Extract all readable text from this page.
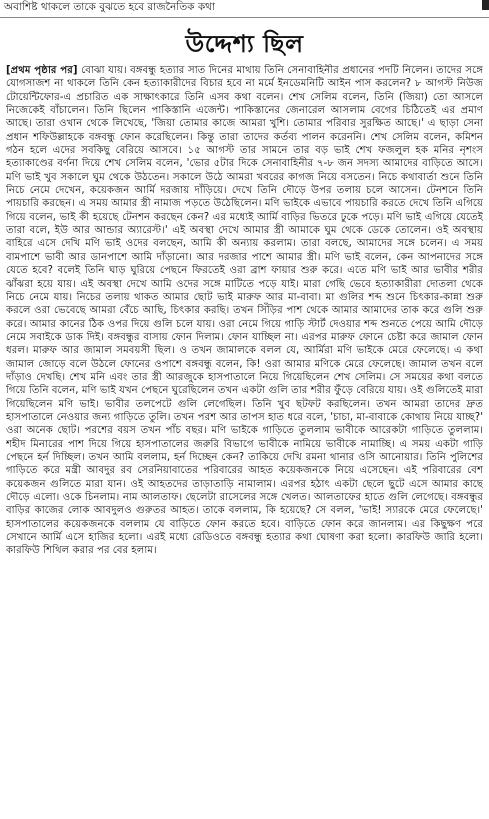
অবাশিষ্ট থাকলে তাকে বুঝতে হবে রাজনৈতিক কথা
উদ্দেশ্য ছিল
[প্রথম পৃষ্ঠার পর] বোঝা যায়। বঙ্গবন্ধু হত্যার সাত দিনের মাথায় তিনি সেনাবাহিনীর প্রধানের পদটি নিলেন। তাদের সঙ্গে যোগসাজশ না থাকলে তিনি কেন হত্যাকারীদের বিচার হবে না মর্মে ইনডেমনিটি আইন পাস করলেন? ৮ আগস্ট নিউজ টোয়েন্টিফোর-এ প্রচারিত এক সাক্ষাৎকারে তিনি এসব কথা বলেন। শেখ সেলিম বলেন, তিনি (জিয়া) তো আসলে নিজেকেই বাঁচালেন। তিনি ছিলেন পাকিস্তানি এজেন্ট। পাকিস্তানের জেনারেল আসলাম বেগের চিঠিতেই এর প্রমাণ আছে। তারা ওখান থেকে লিখেছে, 'জিয়া তোমার কাজে আমরা খুশি। তোমার পরিবার সুরক্ষিত আছে।' এ ছাড়া সেনা প্রধান শফিউল্লাহকে বঙ্গবন্ধু ফোন করেছিলেন। কিন্তু তারা তাদের কর্তব্য পালন করেননি। শেখ সেলিম বলেন, কমিশন গঠন হলে এদের সবকিছু বেরিয়ে আসবে। ১৫ আগস্ট তার সামনে তার বড় ভাই শেখ ফজলুল হক মনির নৃশংস হত্যাকাণ্ডের বর্ণনা দিয়ে শেখ সেলিম বলেন, 'ভোর ৫টার দিকে সেনাবাহিনীর ৭-৮ জন সদস্য আমাদের বাড়িতে আসে। মণি ভাই খুব সকালে ঘুম থেকে উঠতেন। সকালে উঠে আমরা খবরের কাগজ নিয়ে বসতেন। নিচে কথাবার্তা শুনে তিনি নিচে নেমে দেখেন, কয়েকজন আর্মি দরজায় দাঁড়িয়ে। দেখে তিনি দৌড়ে উপর তলায় চলে আসেন। টেনশনে তিনি পায়চারি করছেন। এ সময় আমার স্ত্রী নামাজ পড়তে উঠেছিলেন। মণি ভাইকে এভাবে পায়চারি করতে দেখে তিনি এগিয়ে গিয়ে বলেন, ভাই কী হয়েছে টেনশন করছেন কেন? এর মধ্যেই আর্মি বাড়ির ভিতরে ঢুকে পড়ে। মণি ভাই এগিয়ে যেতেই তারা বলে, ইউ আর আন্ডার অ্যারেস্ট।' এই অবস্থা দেখে আমার স্ত্রী আমাকে ঘুম থেকে ডেকে তোলেন। ওই অবস্থায় বাহিরে এসে দেখি মণি ভাই ওদের বলছেন, আমি কী অন্যায় করলাম। তারা বলছে, আমাদের সঙ্গে চলেন। এ সময় বামপাশে ভাবী আর ডানপাশে আমি দাঁড়ানো। আর দরজার পাশে আমার স্ত্রী। মণি ভাই বলেন, কেন আপনাদের সঙ্গে যেতে হবে? বলেই তিনি ঘাড় ঘুরিয়ে পেছনে ফিরতেই ওরা ব্রাশ ফায়ার শুরু করে। এতে মণি ভাই আর ভাবীর শরীর ঝাঁঝরা হয়ে যায়। এই অবস্থা দেখে আমি ওদের সঙ্গে মাটিতে পড়ে যাই। মারা গেছি ভেবে হত্যাকারীরা দোতলা থেকে নিচে নেমে যায়। নিচের তলায় থাকত আমার ছোট ভাই মারুফ আর মা-বাবা। মা গুলির শব্দ শুনে চিৎকার-কান্না শুরু করলে ওরা ভেবেছে আমরা বেঁচে আছি, চিৎকার করছি। তখন সিঁড়ির পাশ থেকে আমার আমাদের তাক করে গুলি শুরু করে। আমার কানের ঠিক ওপর দিয়ে গুলি চলে যায়। ওরা নেমে গিয়ে গাড়ি স্টার্ট দেওয়ার শব্দ শুনতে পেয়ে আমি দৌড়ে নেমে সবাইকে ডাক দিই। বঙ্গবন্ধুর বাসায় ফোন দিলাম। ফোন যাচ্ছিল না। এরপর মারুফ ফোনে চেষ্টা করে জামাল ফোন ধরল। মারুফ আর জামাল সমবয়সী ছিল। ও তখন জামালকে বলল যে, আর্মিরা মণি ভাইকে মেরে ফেলেছে। এ কথা জামাল জোড়ে বলে উঠলে ফোনের ওপাশে বঙ্গবন্ধু বলেন, কি! ওরা আমার মণিকে মেরে ফেলেছে। জামাল তখন বলে দাঁড়াও দেখছি। শেখ মনি এবং তার স্ত্রী আরজুকে হাসপাতালে নিয়ে গিয়েছিলেন শেখ সেলিম। সে সময়ের কথা বলতে গিয়ে তিনি বলেন, মণি ভাই যখন পেছনে ঘুরেছিলেন তখন একটা গুলি তার শরীর ফুঁড়ে বেরিয়ে যায়। ওই গুলিতেই মারা গিয়েছিলেন মণি ভাই। ভাবীর তলপেটে গুলি লেগেছিল। তিনি খুব ছটফট করছিলেন। তখন আমরা তাদের দ্রুত হাসপাতালে নেওয়ার জন্য গাড়িতে তুলি। তখন পরশ আর তাপস হাত ধরে বলে, 'চাচা, মা-বাবাকে কোথায় নিয়ে যাচ্ছ?' ওরা অনেক ছোট। পরশের বয়স তখন পাঁচ বছর। মণি ভাইকে গাড়িতে তুললাম ভাবীকে আরেকটা গাড়িতে তুললাম। শহীদ মিনারের পাশ দিয়ে গিয়ে হাসপাতালের জরুরি বিভাগে ভাবীকে নামিয়ে ভাবীকে নামাচ্ছি। এ সময় একটা গাড়ি পেছনে হর্ন দিচ্ছিল। তখন আমি বললাম, হর্ন দিচ্ছেন কেন? তাকিয়ে দেখি রমনা থানার ওসি আনোয়ার। তিনি পুলিশের গাড়িতে করে মন্ত্রী আবদুর রব সেরনিয়াবাতের পরিবারের আহত কয়েকজনকে নিয়ে এসেছেন। এই পরিবারের বেশ কয়েকজন গুলিতে মারা যান। ওই আহতদের তাড়াতাড়ি নামালাম। এরপর হঠাৎ একটা ছেলে ছুটে এসে আমার কাছে দৌড়ে এলো। ওকে চিনলাম। নাম আলতাফ। ছেলেটা রাসেলের সঙ্গে খেলত। আলতাফের হাতে গুলি লেগেছে। বঙ্গবন্ধুর বাড়ির কাজের লোক আবদুলও গুরুতর আহত। তাকে বললাম, কি হয়েছে? সে বলল, 'ভাই! স্যারকে মেরে ফেলেছে।' হাসপাতালের কয়েকজনকে বললাম যে বাড়িতে ফোন করতে হবে। বাড়িতে ফোন করে জানলাম। এর কিছুক্ষণ পরে সেখানে আর্মি এসে হাজির হলো। এরই মধ্যে রেডিওতে বঙ্গবন্ধু হত্যার কথা ঘোষণা করা হলো। কারফিউ জারি হলো। কারফিউ শিথিল করার পর বের হলাম।
